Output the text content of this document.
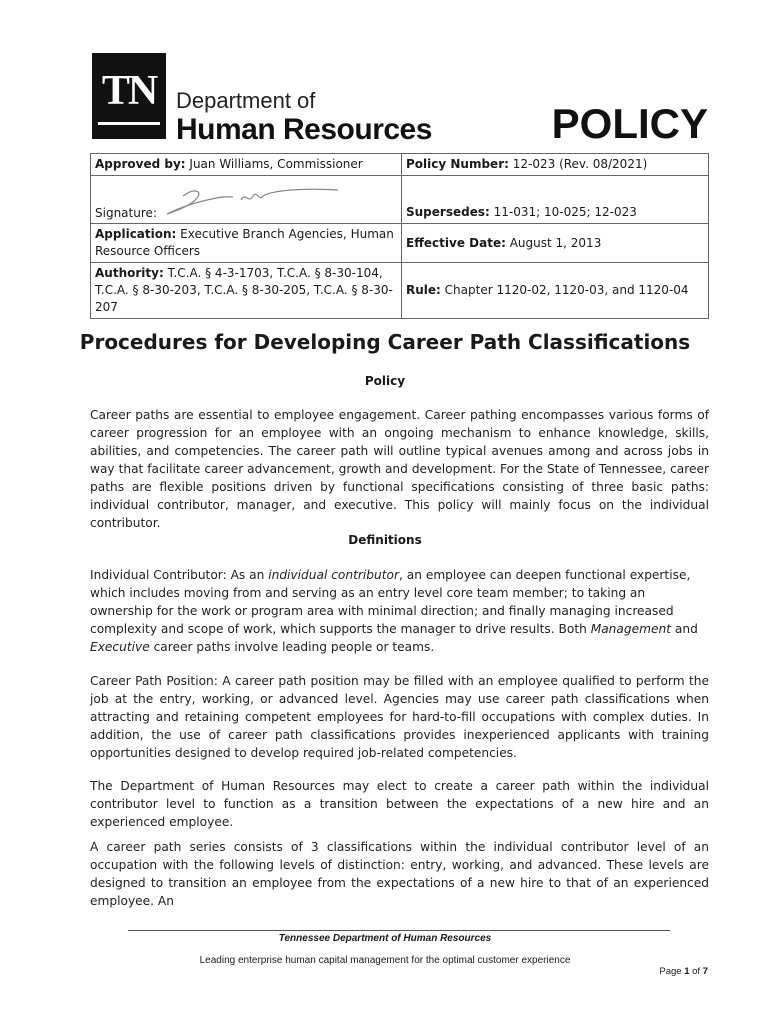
TN Department of
Human Resources	POLICY
Approved by: Juan Williams, Commissioner	Policy Number: 12-023 (Rev. 08/2021)

Signature:	Supersedes: 11-031; 10-025; 12-023
Application: Executive Branch Agencies, Human Resource Officers	Effective Date: August 1, 2013
Authority: T.C.A. § 4-3-1703, T.C.A. § 8-30-104, T.C.A. § 8-30-203, T.C.A. § 8-30-205, T.C.A. § 8-30-207	Rule: Chapter 1120-02, 1120-03, and 1120-04
Procedures for Developing Career Path Classifications
Policy

Career paths are essential to employee engagement. Career pathing encompasses various forms of career progression for an employee with an ongoing mechanism to enhance knowledge, skills, abilities, and competencies. The career path will outline typical avenues among and across jobs in way that facilitate career advancement, growth and development. For the State of Tennessee, career paths are flexible positions driven by functional specifications consisting of three basic paths: individual contributor, manager, and executive. This policy will mainly focus on the individual contributor.

Definitions

Individual Contributor: As an individual contributor, an employee can deepen functional expertise, which includes moving from and serving as an entry level core team member; to taking an ownership for the work or program area with minimal direction; and finally managing increased complexity and scope of work, which supports the manager to drive results. Both Management and Executive career paths involve leading people or teams.

Career Path Position: A career path position may be filled with an employee qualified to perform the job at the entry, working, or advanced level. Agencies may use career path classifications when attracting and retaining competent employees for hard-to-fill occupations with complex duties. In addition, the use of career path classifications provides inexperienced applicants with training opportunities designed to develop required job-related competencies.

The Department of Human Resources may elect to create a career path within the individual contributor level to function as a transition between the expectations of a new hire and an experienced employee.

A career path series consists of 3 classifications within the individual contributor level of an occupation with the following levels of distinction: entry, working, and advanced. These levels are designed to transition an employee from the expectations of a new hire to that of an experienced employee. An

Tennessee Department of Human Resources
Leading enterprise human capital management for the optimal customer experience
Page 1 of 7
